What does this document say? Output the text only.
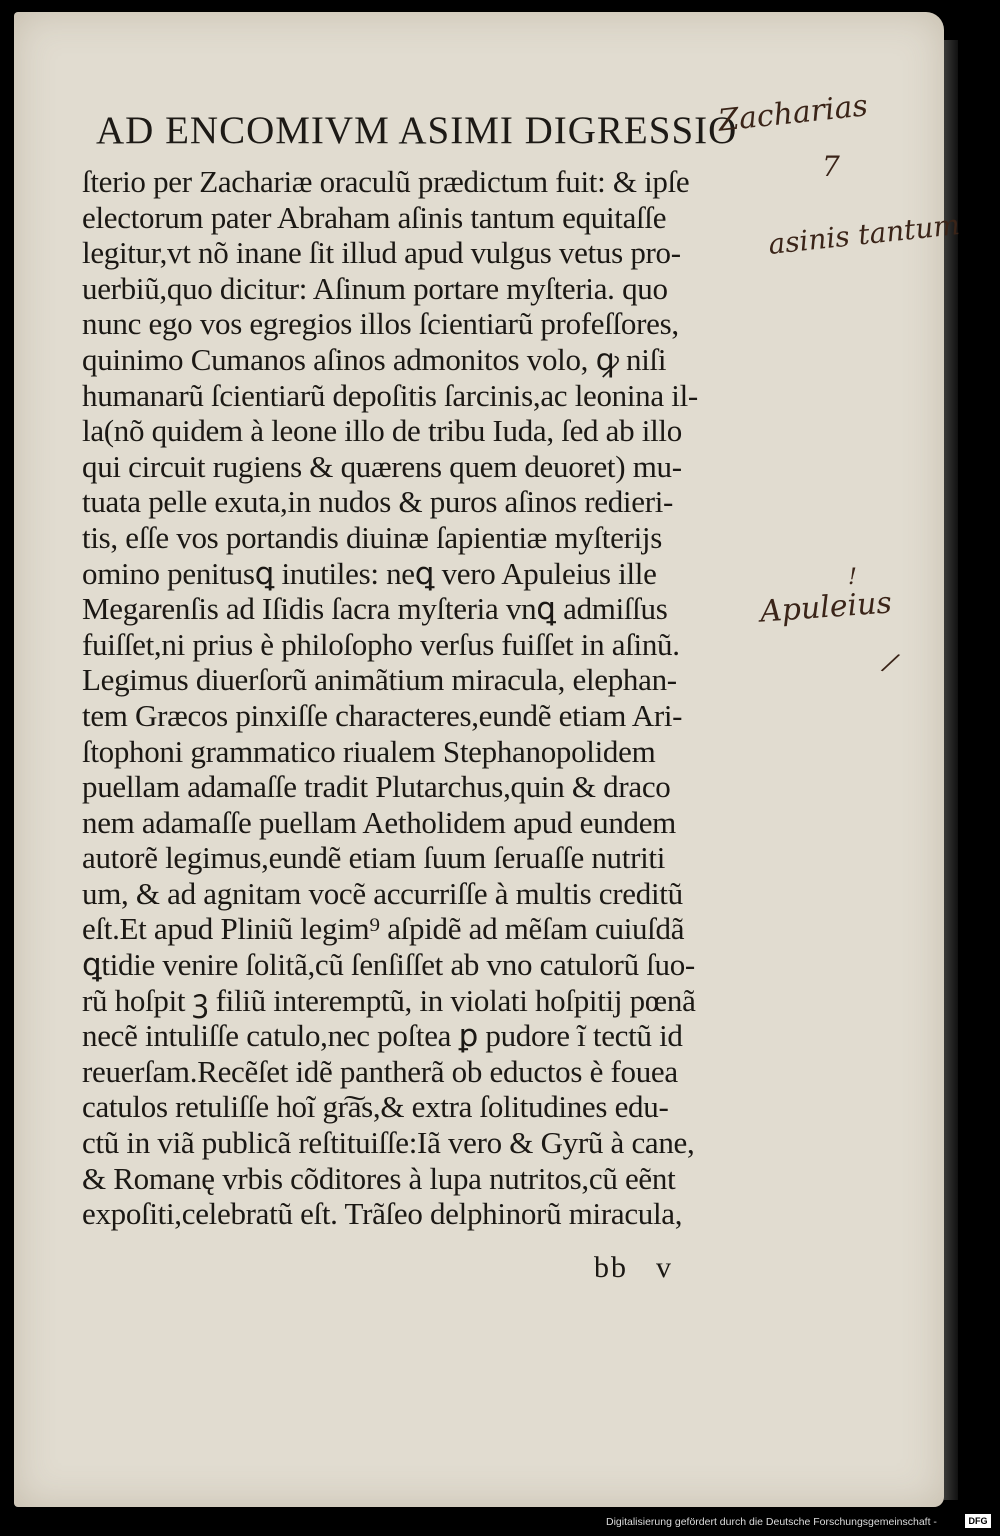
AD ENCOMIVM ASIMI DIGRESSIO
ſterio per Zachariæ oraculũ prædictum fuit: & ipſe
electorum pater Abraham aſinis tantum equitaſſe
legitur,vt nõ inane ſit illud apud vulgus vetus pro-
uerbiũ,quo dicitur: Aſinum portare myſteria. quo
nunc ego vos egregios illos ſcientiarũ profeſſores,
quinimo Cumanos aſinos admonitos volo, ꝙ niſi
humanarũ ſcientiarũ depoſitis ſarcinis,ac leonina il-
la(nõ quidem à leone illo de tribu Iuda, ſed ab illo
qui circuit rugiens & quærens quem deuoret) mu-
tuata pelle exuta,in nudos & puros aſinos redieri-
tis, eſſe vos portandis diuinæ ſapientiæ myſterijs
omino penitusꝗ inutiles: neꝗ vero Apuleius ille
Megarenſis ad Iſidis ſacra myſteria vnꝗ admiſſus
fuiſſet,ni prius è philoſopho verſus fuiſſet in aſinũ.
Legimus diuerſorũ animãtium miracula, elephan-
tem Græcos pinxiſſe characteres,eundẽ etiam Ari-
ſtophoni grammatico riualem Stephanopolidem
puellam adamaſſe tradit Plutarchus,quin & draco
nem adamaſſe puellam Aetholidem apud eundem
autorẽ legimus,eundẽ etiam ſuum ſeruaſſe nutriti
um, & ad agnitam vocẽ accurriſſe à multis creditũ
eſt.Et apud Pliniũ legim⁹ aſpidẽ ad mẽſam cuiuſdã
ꝗtidie venire ſolitã,cũ ſenſiſſet ab vno catulorũ ſuo-
rũ hoſpit ꝫ filiũ interemptũ, in violati hoſpitij pœnã
necẽ intuliſſe catulo,nec poſtea ꝑ pudore ĩ tectũ id
reuerſam.Recẽſet idẽ pantherã ob eductos è fouea
catulos retuliſſe hoĩ gr͠as,& extra ſolitudines edu-
ctũ in viã publicã reſtituiſſe:Iã vero & Gyrũ à cane,
& Romanę vrbis cõditores à lupa nutritos,cũ eẽnt
expoſiti,celebratũ eſt. Trãſeo delphinorũ miracula,
bb v
Zacharias
7
asinis tantum
Apuleius
!
/
Digitalisierung gefördert durch die Deutsche Forschungsgemeinschaft -	DFG
